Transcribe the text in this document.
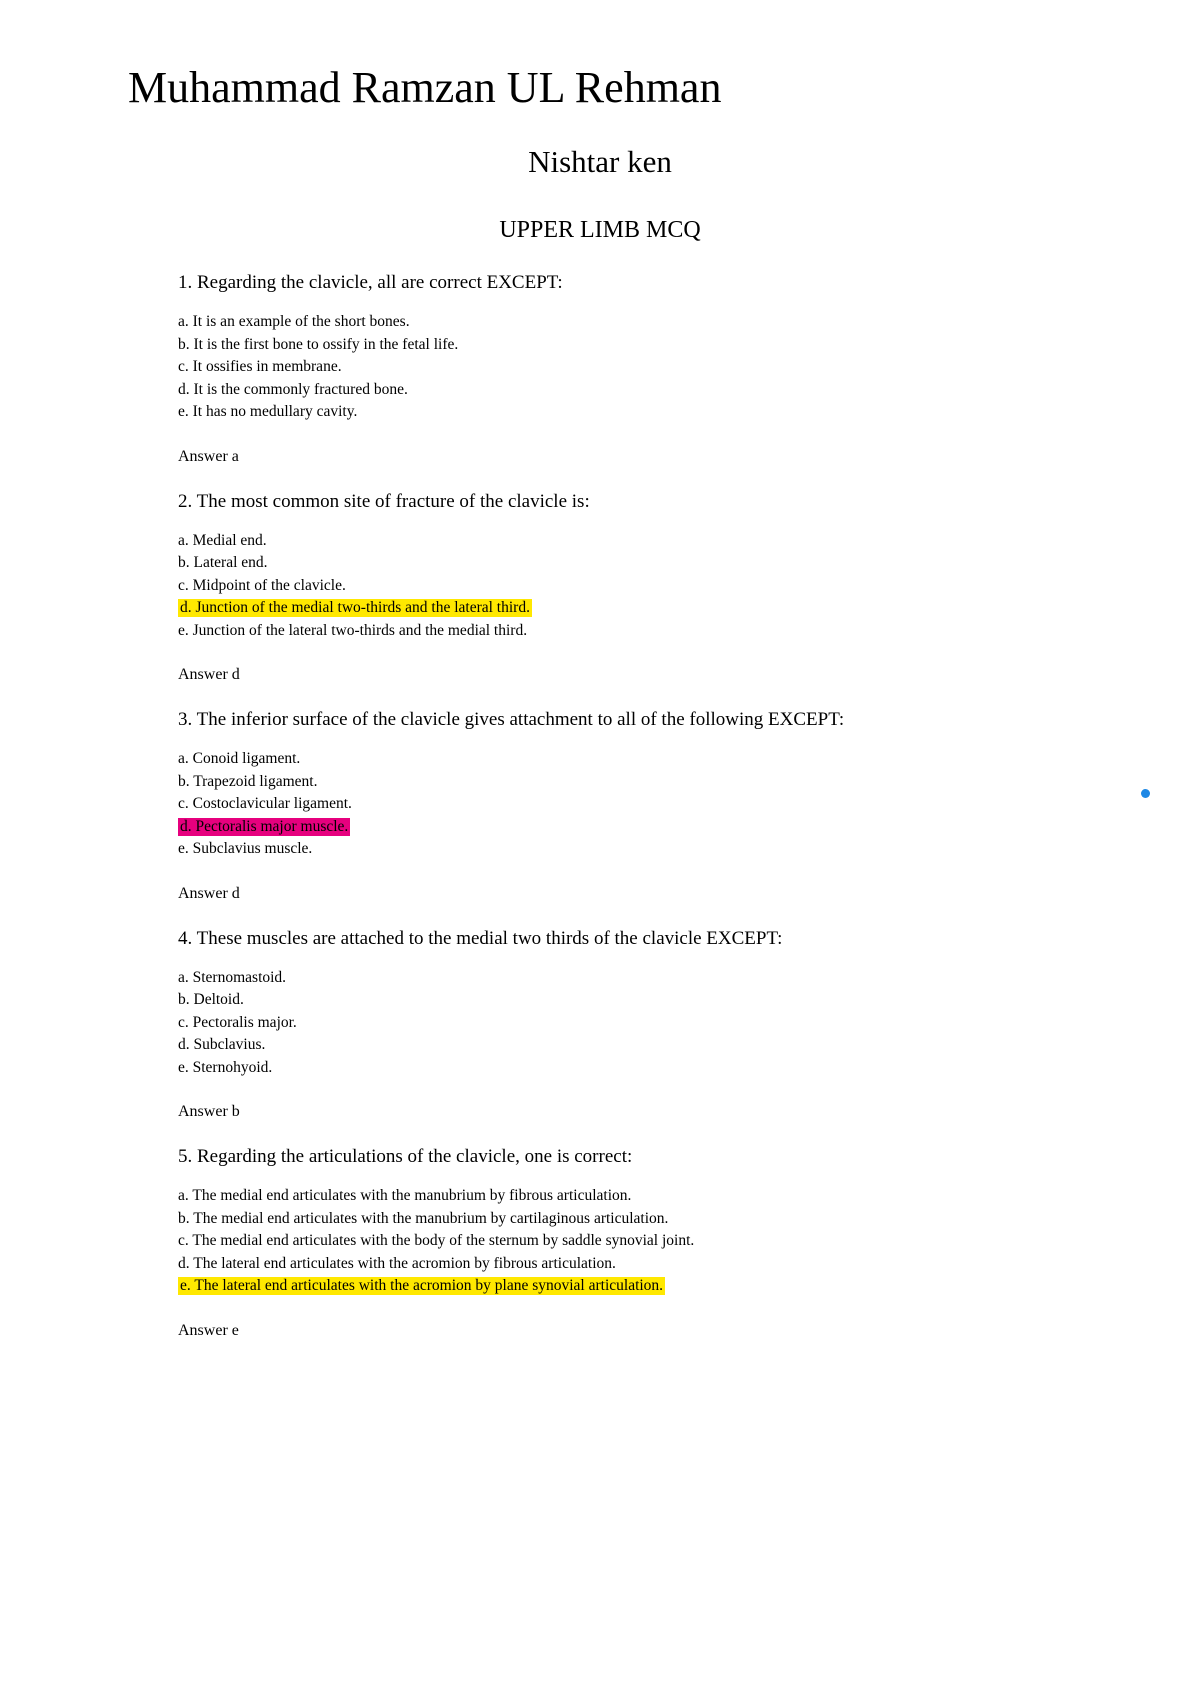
Muhammad Ramzan UL Rehman
Nishtar ken
UPPER LIMB MCQ
1. Regarding the clavicle, all are correct EXCEPT:
a. It is an example of the short bones.
b. It is the first bone to ossify in the fetal life.
c. It ossifies in membrane.
d. It is the commonly fractured bone.
e. It has no medullary cavity.
Answer a
2. The most common site of fracture of the clavicle is:
a. Medial end.
b. Lateral end.
c. Midpoint of the clavicle.
d. Junction of the medial two-thirds and the lateral third.
e. Junction of the lateral two-thirds and the medial third.
Answer d
3. The inferior surface of the clavicle gives attachment to all of the following EXCEPT:
a. Conoid ligament.
b. Trapezoid ligament.
c. Costoclavicular ligament.
d. Pectoralis major muscle.
e. Subclavius muscle.
Answer d
4. These muscles are attached to the medial two thirds of the clavicle EXCEPT:
a. Sternomastoid.
b. Deltoid.
c. Pectoralis major.
d. Subclavius.
e. Sternohyoid.
Answer b
5. Regarding the articulations of the clavicle, one is correct:
a. The medial end articulates with the manubrium by fibrous articulation.
b. The medial end articulates with the manubrium by cartilaginous articulation.
c. The medial end articulates with the body of the sternum by saddle synovial joint.
d. The lateral end articulates with the acromion by fibrous articulation.
e. The lateral end articulates with the acromion by plane synovial articulation.
Answer e
